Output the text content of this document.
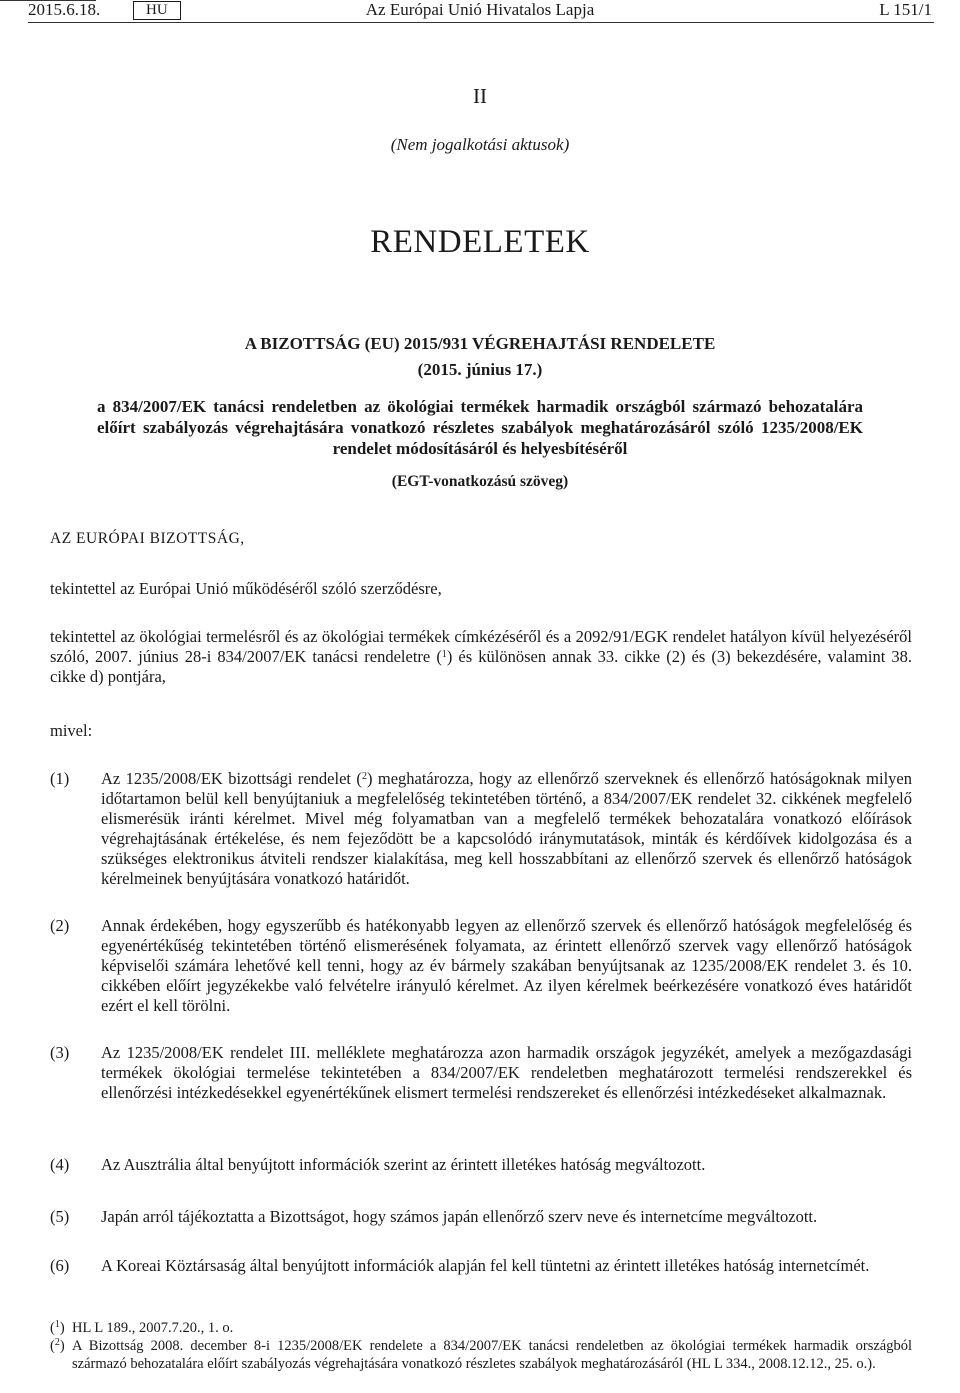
2015.6.18.	HU	Az Európai Unió Hivatalos Lapja	L 151/1
II
(Nem jogalkotási aktusok)
RENDELETEK
A BIZOTTSÁG (EU) 2015/931 VÉGREHAJTÁSI RENDELETE
(2015. június 17.)
a 834/2007/EK tanácsi rendeletben az ökológiai termékek harmadik országból származó behozatalára előírt szabályozás végrehajtására vonatkozó részletes szabályok meghatározásáról szóló 1235/2008/EK rendelet módosításáról és helyesbítéséről
(EGT-vonatkozású szöveg)
AZ EURÓPAI BIZOTTSÁG,
tekintettel az Európai Unió működéséről szóló szerződésre,
tekintettel az ökológiai termelésről és az ökológiai termékek címkézéséről és a 2092/91/EGK rendelet hatályon kívül helyezéséről szóló, 2007. június 28-i 834/2007/EK tanácsi rendeletre ($^1$) és különösen annak 33. cikke (2) és (3) bekezdésére, valamint 38. cikke d) pontjára,
mivel:
(1)	Az 1235/2008/EK bizottsági rendelet ($^2$) meghatározza, hogy az ellenőrző szerveknek és ellenőrző hatóságoknak milyen időtartamon belül kell benyújtaniuk a megfelelőség tekintetében történő, a 834/2007/EK rendelet 32. cikkének megfelelő elismerésük iránti kérelmet. Mivel még folyamatban van a megfelelő termékek behozatalára vonatkozó előírások végrehajtásának értékelése, és nem fejeződött be a kapcsolódó iránymutatások, minták és kérdőívek kidolgozása és a szükséges elektronikus átviteli rendszer kialakítása, meg kell hosszabbítani az ellenőrző szervek és ellenőrző hatóságok kérelmeinek benyújtására vonatkozó határidőt.
(2)	Annak érdekében, hogy egyszerűbb és hatékonyabb legyen az ellenőrző szervek és ellenőrző hatóságok megfelelőség és egyenértékűség tekintetében történő elismerésének folyamata, az érintett ellenőrző szervek vagy ellenőrző hatóságok képviselői számára lehetővé kell tenni, hogy az év bármely szakában benyújtsanak az 1235/2008/EK rendelet 3. és 10. cikkében előírt jegyzékekbe való felvételre irányuló kérelmet. Az ilyen kérelmek beérkezésére vonatkozó éves határidőt ezért el kell törölni.
(3)	Az 1235/2008/EK rendelet III. melléklete meghatározza azon harmadik országok jegyzékét, amelyek a mezőgazdasági termékek ökológiai termelése tekintetében a 834/2007/EK rendeletben meghatározott termelési rendszerekkel és ellenőrzési intézkedésekkel egyenértékűnek elismert termelési rendszereket és ellenőrzési intézkedéseket alkalmaznak.
(4)	Az Ausztrália által benyújtott információk szerint az érintett illetékes hatóság megváltozott.
(5)	Japán arról tájékoztatta a Bizottságot, hogy számos japán ellenőrző szerv neve és internetcíme megváltozott.
(6)	A Koreai Köztársaság által benyújtott információk alapján fel kell tüntetni az érintett illetékes hatóság internetcímét.
($^1$) HL L 189., 2007.7.20., 1. o.
($^2$) A Bizottság 2008. december 8-i 1235/2008/EK rendelete a 834/2007/EK tanácsi rendeletben az ökológiai termékek harmadik országból származó behozatalára előírt szabályozás végrehajtására vonatkozó részletes szabályok meghatározásáról (HL L 334., 2008.12.12., 25. o.).
